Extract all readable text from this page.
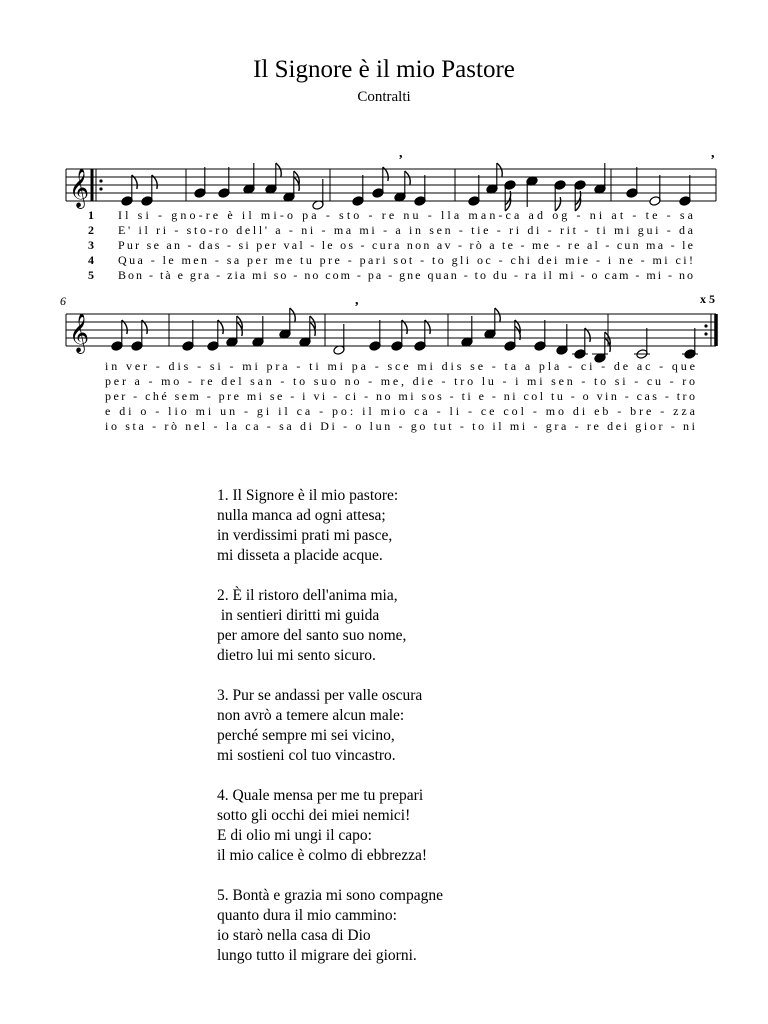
Il Signore è il mio Pastore
Contralti
𝄞
,	,
𝄞
,
1 Il si - gno-re è il mi-o pa - sto - re nu - lla man-ca ad og - ni at - te - sa
2 E' il ri - sto-ro dell' a - ni - ma mi - a in sen - tie - ri di - rit - ti mi gui - da
3 Pur se an - das - si per val - le os - cura non av - rò a te - me - re al - cun ma - le
4 Qua - le men - sa per me tu pre - pari sot - to gli oc - chi dei mie - i ne - mi ci!
5 Bon - tà e gra - zia mi so - no com - pa - gne quan - to du - ra il mi - o cam - mi - no
in ver - dis - si - mi pra - ti mi pa - sce mi dis se - ta a pla - ci - de ac - que
per a - mo - re del san - to suo no - me, die - tro lu - i mi sen - to si - cu - ro
per - ché sem - pre mi se - i vi - ci - no mi sos - ti e - ni col tu - o vin - cas - tro
e di o - lio mi un - gi il ca - po: il mio ca - li - ce col - mo di eb - bre - zza
io sta - rò nel - la ca - sa di Di - o lun - go tut - to il mi - gra - re dei gior - ni
6	x 5
1. Il Signore è il mio pastore:
nulla manca ad ogni attesa;
in verdissimi prati mi pasce,
mi disseta a placide acque.
2. È il ristoro dell'anima mia,
in sentieri diritti mi guida
per amore del santo suo nome,
dietro lui mi sento sicuro.
3. Pur se andassi per valle oscura
non avrò a temere alcun male:
perché sempre mi sei vicino,
mi sostieni col tuo vincastro.
4. Quale mensa per me tu prepari
sotto gli occhi dei miei nemici!
E di olio mi ungi il capo:
il mio calice è colmo di ebbrezza!
5. Bontà e grazia mi sono compagne
quanto dura il mio cammino:
io starò nella casa di Dio
lungo tutto il migrare dei giorni.
